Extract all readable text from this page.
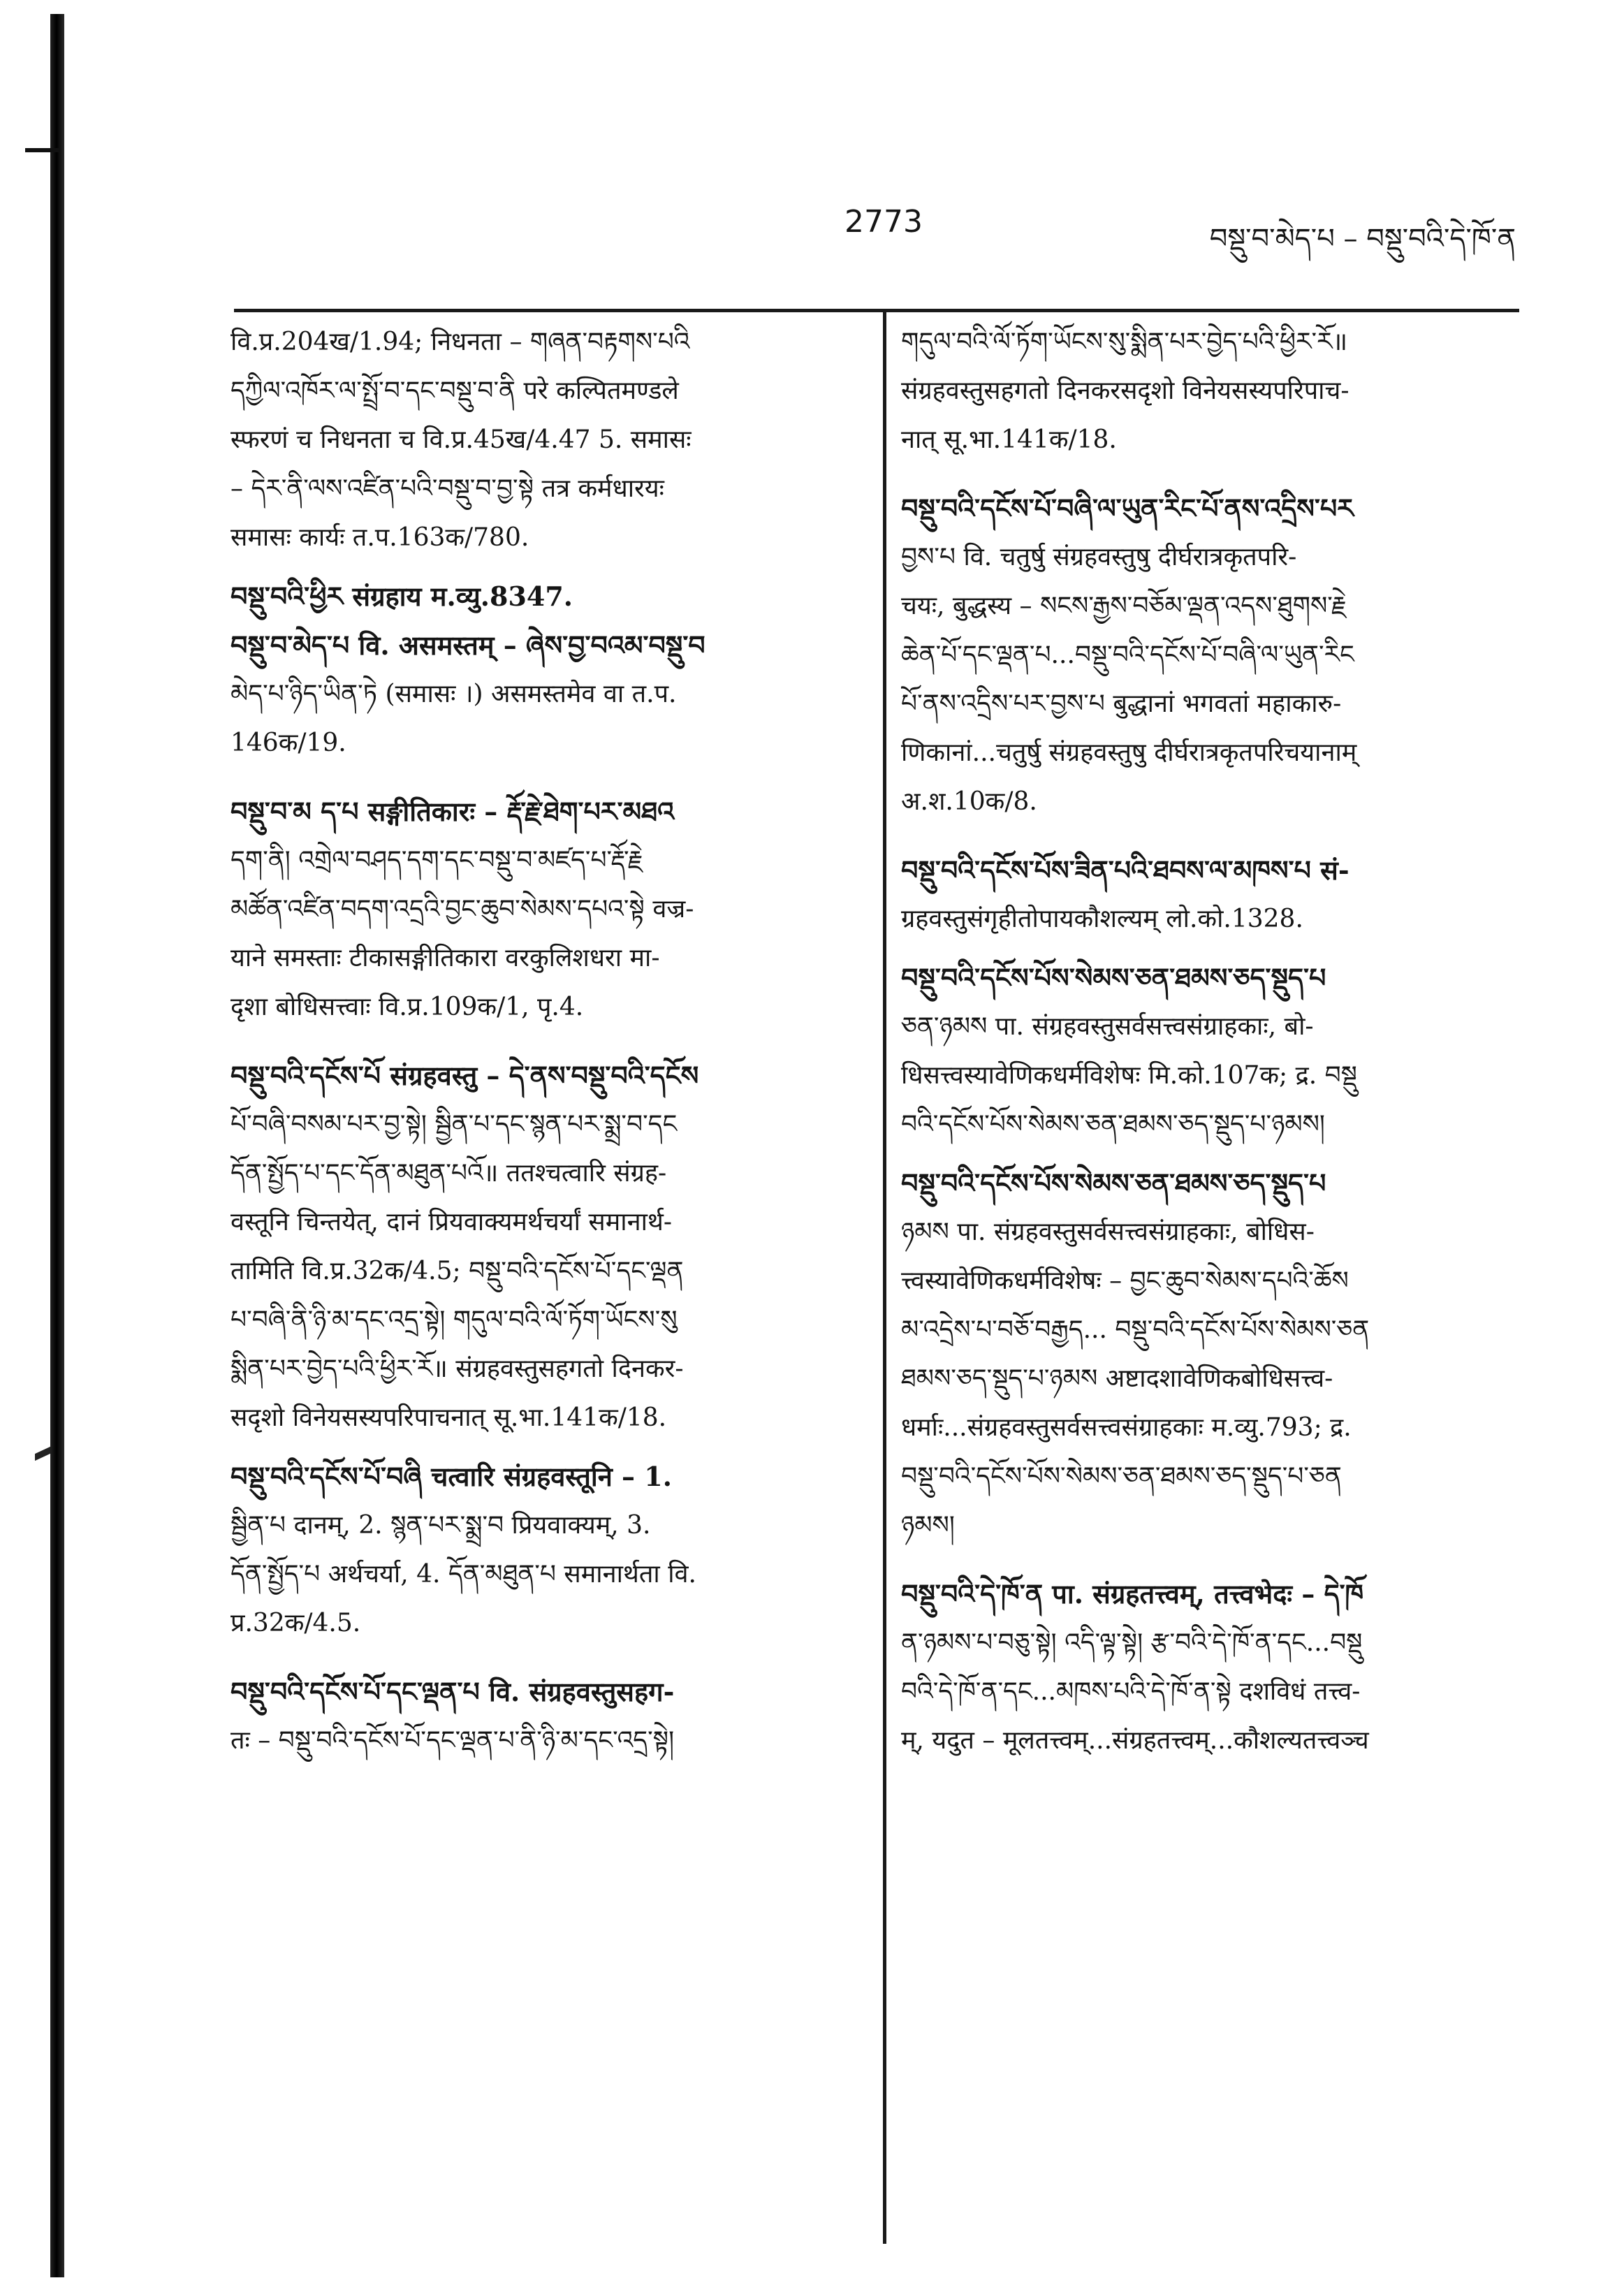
2773	བསྡུ་བ་མེད་པ – བསྡུ་བའི་དེ་ཁོ་ན
वि.प्र.204ख/1.94; निधनता – གཞན་བརྟགས་པའི
དཀྱིལ་འཁོར་ལ་སྤྲོ་བ་དང་བསྡུ་བ་ནི परे कल्पितमण्डले
स्फरणं च निधनता च वि.प्र.45ख/4.47 5. समासः
– དེར་ནི་ལས་འཛིན་པའི་བསྡུ་བ་བྱ་སྟེ तत्र कर्मधारयः
समासः कार्यः त.प.163क/780.
བསྡུ་བའི་ཕྱིར संग्रहाय म.व्यु.8347.
བསྡུ་བ་མེད་པ वि. असमस्तम् – ཞེས་བྱ་བའམ་བསྡུ་བ
མེད་པ་ཉིད་ཡིན་ཏེ (समासः ।) असमस्तमेव वा त.प.
146क/19.
བསྡུ་བ་མ ད་པ सङ्गीतिकारः – རྡོ་རྗེ་ཐེག་པར་མཐའ
དག་ནི། འགྲེལ་བཤད་དག་དང་བསྡུ་བ་མཛད་པ་རྡོ་རྗེ
མཚོན་འཛིན་བདག་འདྲའི་བྱང་ཆུབ་སེམས་དཔའ་སྟེ वज्र-
याने समस्ताः टीकासङ्गीतिकारा वरकुलिशधरा मा-
दृशा बोधिसत्त्वाः वि.प्र.109क/1, पृ.4.
བསྡུ་བའི་དངོས་པོ संग्रहवस्तु – དེ་ནས་བསྡུ་བའི་དངོས
པོ་བཞི་བསམ་པར་བྱ་སྟེ། སྦྱིན་པ་དང་སྙན་པར་སྨྲ་བ་དང
དོན་སྤྱོད་པ་དང་དོན་མཐུན་པའོ॥ ततश्चत्वारि संग्रह-
वस्तूनि चिन्तयेत्, दानं प्रियवाक्यमर्थचर्यां समानार्थ-
तामिति वि.प्र.32क/4.5; བསྡུ་བའི་དངོས་པོ་དང་ལྡན
པ་བཞི་ནི་ཉི་མ་དང་འདྲ་སྟེ། གདུལ་བའི་ལོ་ཏོག་ཡོངས་སུ
སྨིན་པར་བྱེད་པའི་ཕྱིར་རོ॥ संग्रहवस्तुसहगतो दिनकर-
सदृशो विनेयसस्यपरिपाचनात् सू.भा.141क/18.
བསྡུ་བའི་དངོས་པོ་བཞི चत्वारि संग्रहवस्तूनि – 1.
སྦྱིན་པ दानम्, 2. སྙན་པར་སྨྲ་བ प्रियवाक्यम्, 3.
དོན་སྤྱོད་པ अर्थचर्या, 4. དོན་མཐུན་པ समानार्थता वि.
प्र.32क/4.5.
བསྡུ་བའི་དངོས་པོ་དང་ལྡན་པ वि. संग्रहवस्तुसहग-
तः – བསྡུ་བའི་དངོས་པོ་དང་ལྡན་པ་ནི་ཉི་མ་དང་འདྲ་སྟེ།
གདུལ་བའི་ལོ་ཏོག་ཡོངས་སུ་སྨིན་པར་བྱེད་པའི་ཕྱིར་རོ॥
संग्रहवस्तुसहगतो दिनकरसदृशो विनेयसस्यपरिपाच-
नात् सू.भा.141क/18.
བསྡུ་བའི་དངོས་པོ་བཞི་ལ་ཡུན་རིང་པོ་ནས་འདྲིས་པར
བྱས་པ वि. चतुर्षु संग्रहवस्तुषु दीर्घरात्रकृतपरि-
चयः, बुद्धस्य – སངས་རྒྱས་བཅོམ་ལྡན་འདས་ཐུགས་རྗེ
ཆེན་པོ་དང་ལྡན་པ...བསྡུ་བའི་དངོས་པོ་བཞི་ལ་ཡུན་རིང
པོ་ནས་འདྲིས་པར་བྱས་པ बुद्धानां भगवतां महाकारु-
णिकानां...चतुर्षु संग्रहवस्तुषु दीर्घरात्रकृतपरिचयानाम्
अ.श.10क/8.
བསྡུ་བའི་དངོས་པོས་ཟིན་པའི་ཐབས་ལ་མཁས་པ सं-
ग्रहवस्तुसंगृहीतोपायकौशल्यम् लो.को.1328.
བསྡུ་བའི་དངོས་པོས་སེམས་ཅན་ཐམས་ཅད་སྡུད་པ
ཅན་ཉམས पा. संग्रहवस्तुसर्वसत्त्वसंग्राहकाः, बो-
धिसत्त्वस्यावेणिकधर्मविशेषः मि.को.107क; द्र. བསྡུ
བའི་དངོས་པོས་སེམས་ཅན་ཐམས་ཅད་སྡུད་པ་ཉམས།
བསྡུ་བའི་དངོས་པོས་སེམས་ཅན་ཐམས་ཅད་སྡུད་པ
ཉམས पा. संग्रहवस्तुसर्वसत्त्वसंग्राहकाः, बोधिस-
त्त्वस्यावेणिकधर्मविशेषः – བྱང་ཆུབ་སེམས་དཔའི་ཆོས
མ་འདྲེས་པ་བཅོ་བརྒྱད... བསྡུ་བའི་དངོས་པོས་སེམས་ཅན
ཐམས་ཅད་སྡུད་པ་ཉམས अष्टादशावेणिकबोधिसत्त्व-
धर्माः...संग्रहवस्तुसर्वसत्त्वसंग्राहकाः म.व्यु.793; द्र.
བསྡུ་བའི་དངོས་པོས་སེམས་ཅན་ཐམས་ཅད་སྡུད་པ་ཅན
ཉམས།
བསྡུ་བའི་དེ་ཁོ་ན पा. संग्रहतत्त्वम्, तत्त्वभेदः – དེ་ཁོ
ན་ཉམས་པ་བཅུ་སྟེ། འདི་ལྟ་སྟེ། རྩ་བའི་དེ་ཁོ་ན་དང...བསྡུ
བའི་དེ་ཁོ་ན་དང...མཁས་པའི་དེ་ཁོ་ན་སྟེ दशविधं तत्त्व-
म्, यदुत – मूलतत्त्वम्...संग्रहतत्त्वम्...कौशल्यतत्त्वञ्च
